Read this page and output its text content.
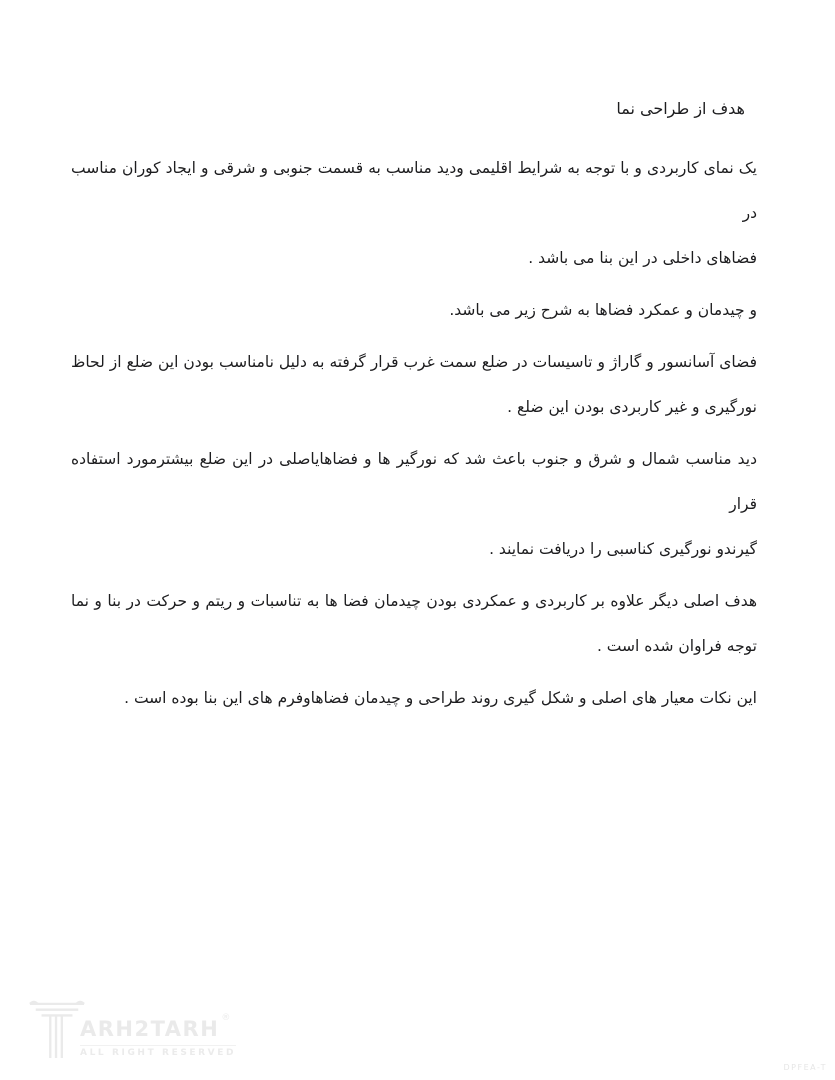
هدف از طراحی نما
یک نمای کاربردی و با توجه به شرایط اقلیمی ودید مناسب به قسمت جنوبی و شرقی و ایجاد کوران مناسب در
فضاهای داخلی در این بنا می باشد .
و چیدمان و عمکرد فضاها به شرح زیر می باشد.
فضای آسانسور و گاراژ و تاسیسات در ضلع سمت غرب قرار گرفته به دلیل نامناسب بودن این ضلع از لحاظ
نورگیری و غیر کاربردی بودن این ضلع .
دید مناسب شمال و شرق و جنوب باعث شد که نورگیر ها و فضاهایاصلی در این ضلع بیشترمورد استفاده قرار
گیرندو نورگیری کناسبی را دریافت نمایند .
هدف اصلی دیگر علاوه بر کاربردی و عمکردی بودن چیدمان فضا ها به تناسبات و ریتم و حرکت در بنا و نما
توجه فراوان شده است .
این نکات معیار های اصلی و شکل گیری روند طراحی و چیدمان فضاهاوفرم های این بنا بوده است .
ARH2TARH ®
ALL RIGHT RESERVED
DPFEA-T
